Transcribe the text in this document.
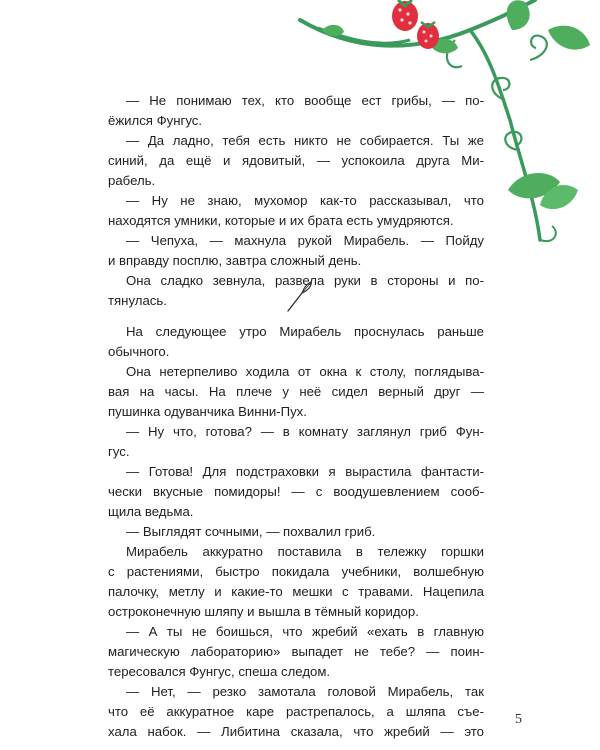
— Не понимаю тех, кто вообще ест грибы, — по-
ёжился Фунгус.
— Да ладно, тебя есть никто не собирается. Ты же
синий, да ещё и ядовитый, — успокоила друга Ми-
рабель.
— Ну не знаю, мухомор как-то рассказывал, что
находятся умники, которые и их брата есть умудряются.
— Чепуха, — махнула рукой Мирабель. — Пойду
и вправду посплю, завтра сложный день.
Она сладко зевнула, развела руки в стороны и по-
тянулась.
На следующее утро Мирабель проснулась раньше
обычного.
Она нетерпеливо ходила от окна к столу, поглядыва-
вая на часы. На плече у неё сидел верный друг —
пушинка одуванчика Винни-Пух.
— Ну что, готова? — в комнату заглянул гриб Фун-
гус.
— Готова! Для подстраховки я вырастила фантасти-
чески вкусные помидоры! — с воодушевлением сооб-
щила ведьма.
— Выглядят сочными, — похвалил гриб.
Мирабель аккуратно поставила в тележку горшки
с растениями, быстро покидала учебники, волшебную
палочку, метлу и какие-то мешки с травами. Нацепила
остроконечную шляпу и вышла в тёмный коридор.
— А ты не боишься, что жребий «ехать в главную
магическую лабораторию» выпадет не тебе? — поин-
тересовался Фунгус, спеша следом.
— Нет, — резко замотала головой Мирабель, так
что её аккуратное каре растрепалось, а шляпа съе-
хала набок. — Либитина сказала, что жребий — это
5
